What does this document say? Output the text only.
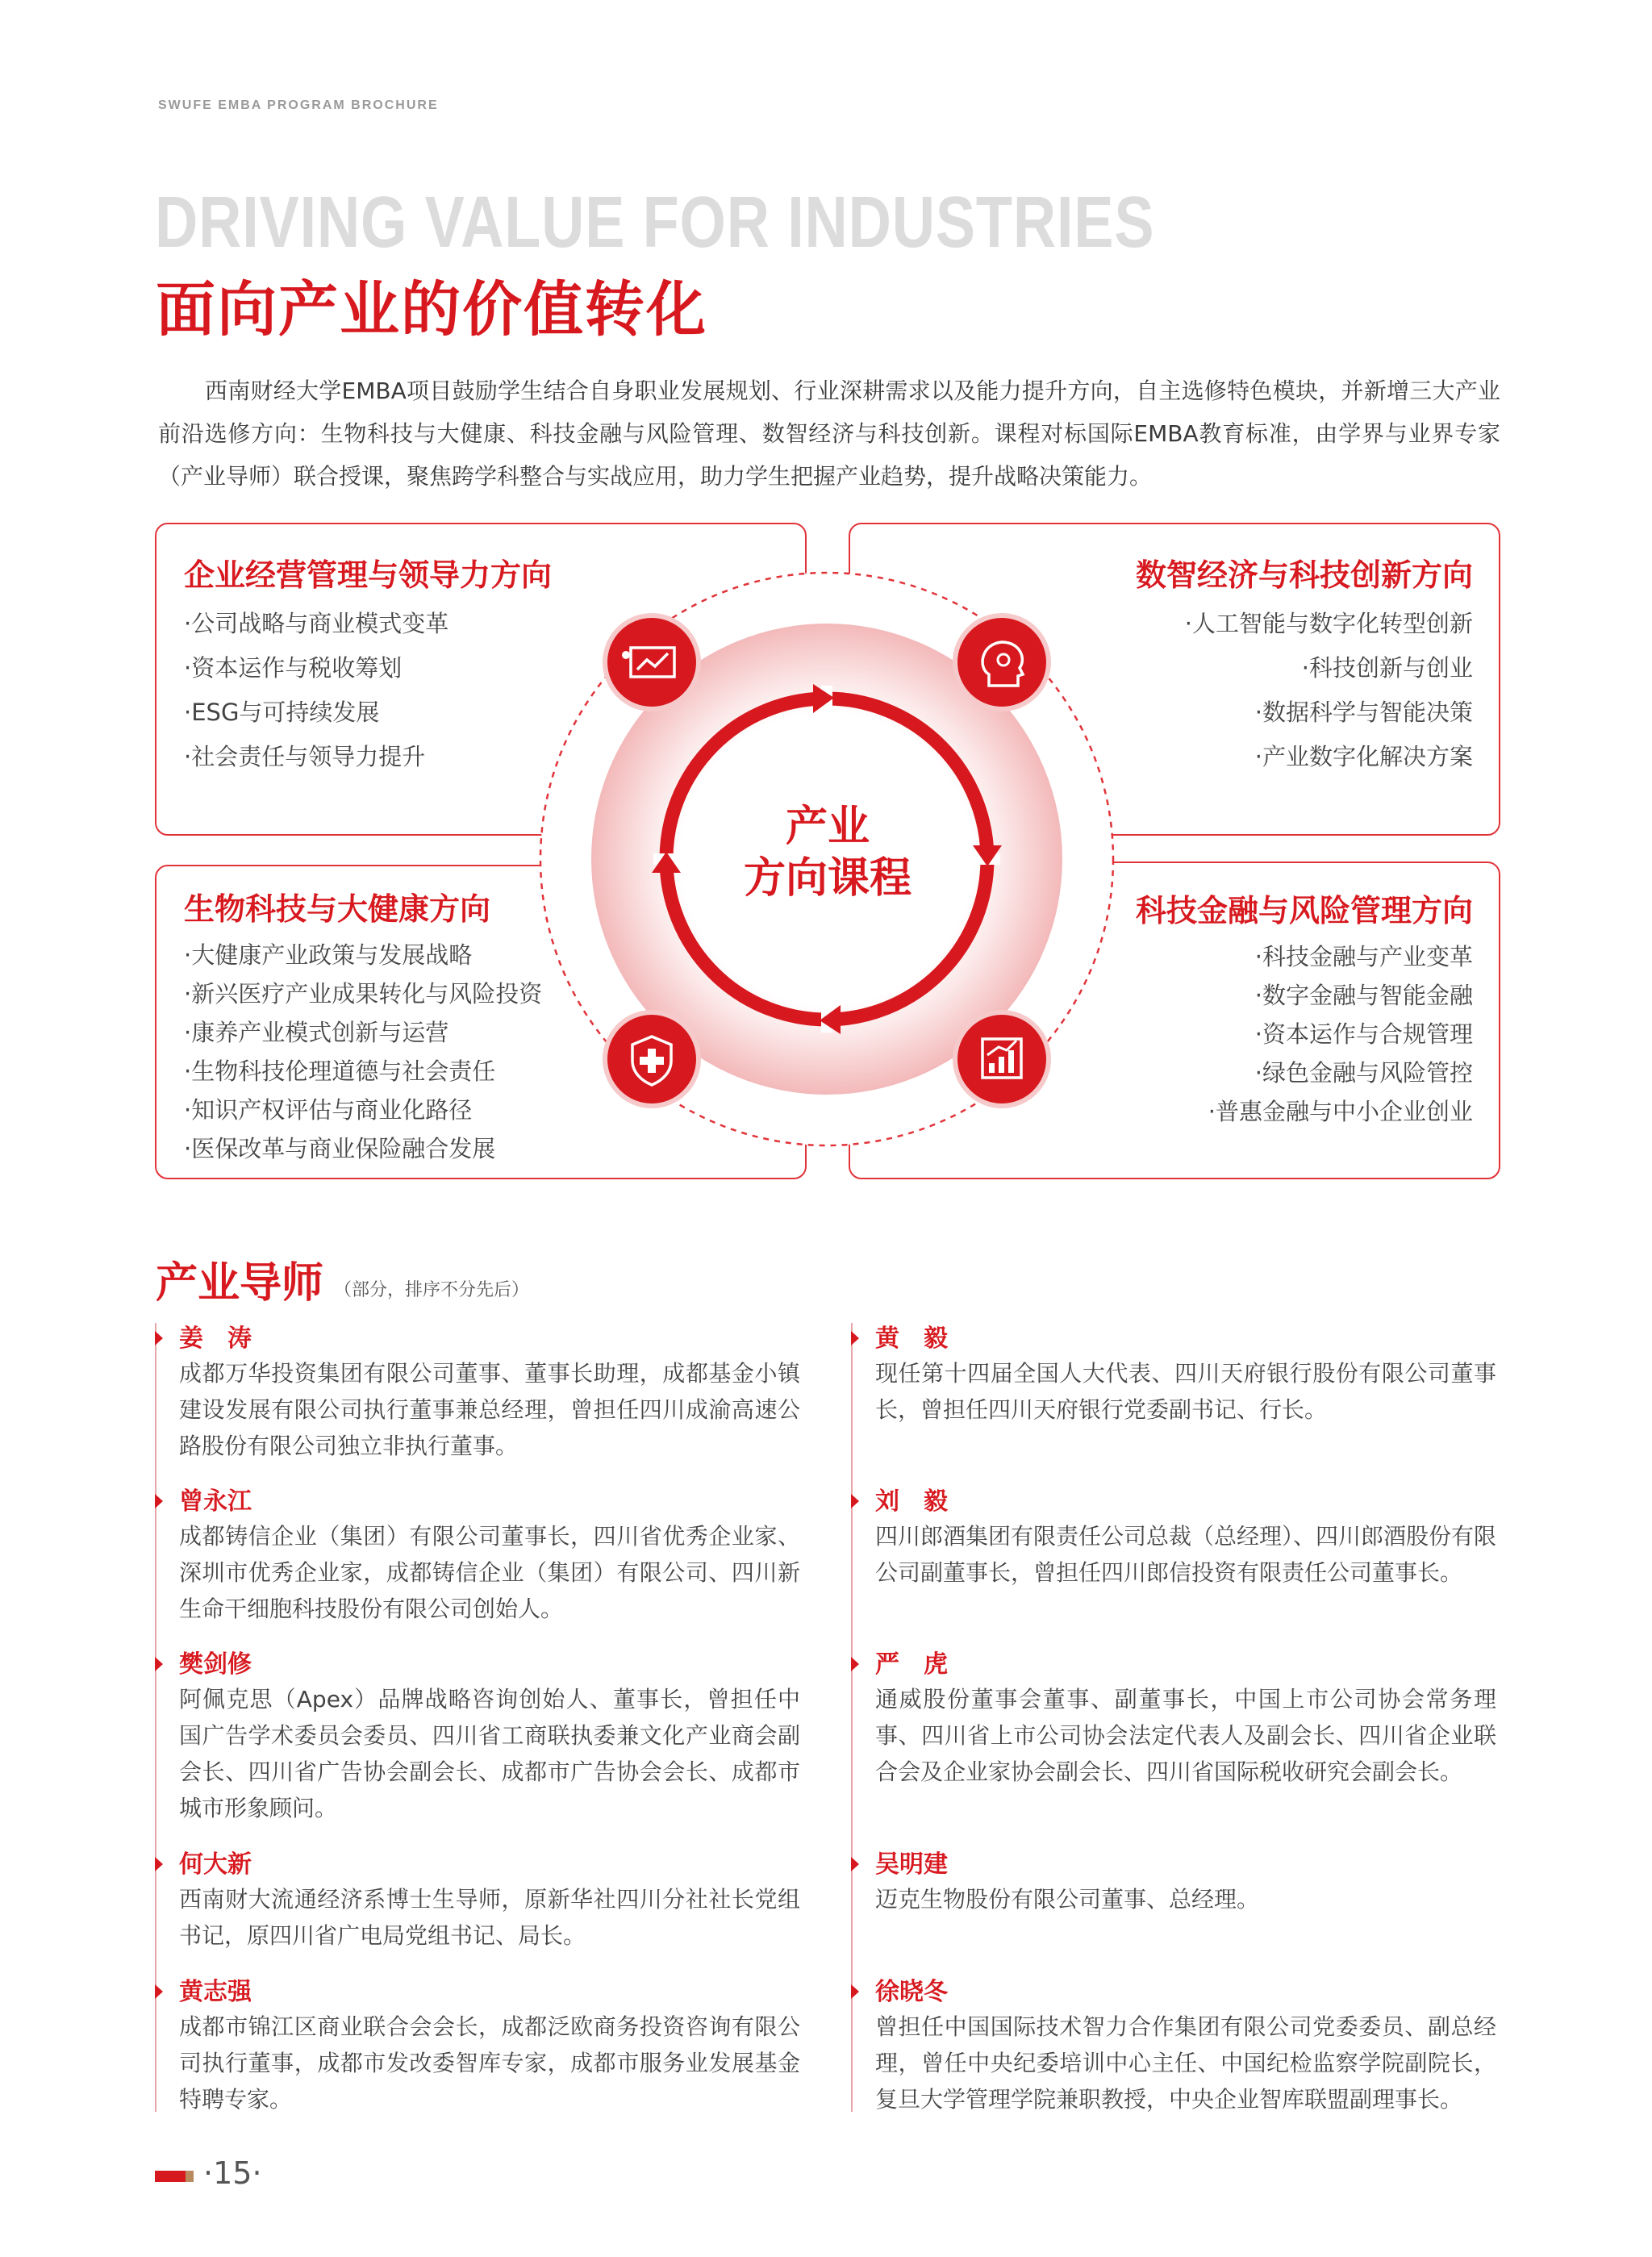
SWUFE EMBA PROGRAM BROCHURE
DRIVING VALUE FOR INDUSTRIES
面向产业的价值转化
西南财经大学EMBA项目鼓励学生结合自身职业发展规划、行业深耕需求以及能力提升方向，自主选修特色模块，并新增三大产业前沿选修方向：生物科技与大健康、科技金融与风险管理、数智经济与科技创新。课程对标国际EMBA教育标准，由学界与业界专家（产业导师）联合授课，聚焦跨学科整合与实战应用，助力学生把握产业趋势，提升战略决策能力。
企业经营管理与领导力方向
·公司战略与商业模式变革
·资本运作与税收筹划
·ESG与可持续发展
·社会责任与领导力提升
数智经济与科技创新方向
·人工智能与数字化转型创新
·科技创新与创业
·数据科学与智能决策
·产业数字化解决方案
生物科技与大健康方向
·大健康产业政策与发展战略
·新兴医疗产业成果转化与风险投资
·康养产业模式创新与运营
·生物科技伦理道德与社会责任
·知识产权评估与商业化路径
·医保改革与商业保险融合发展
科技金融与风险管理方向
·科技金融与产业变革
·数字金融与智能金融
·资本运作与合规管理
·绿色金融与风险管控
·普惠金融与中小企业创业
产业
方向课程
产业导师 （部分，排序不分先后）
姜　涛
成都万华投资集团有限公司董事、董事长助理，成都基金小镇建设发展有限公司执行董事兼总经理，曾担任四川成渝高速公路股份有限公司独立非执行董事。
曾永江
成都铸信企业（集团）有限公司董事长，四川省优秀企业家、深圳市优秀企业家，成都铸信企业（集团）有限公司、四川新生命干细胞科技股份有限公司创始人。
樊剑修
阿佩克思（Apex）品牌战略咨询创始人、董事长，曾担任中国广告学术委员会委员、四川省工商联执委兼文化产业商会副会长、四川省广告协会副会长、成都市广告协会会长、成都市城市形象顾问。
何大新
西南财大流通经济系博士生导师，原新华社四川分社社长党组书记，原四川省广电局党组书记、局长。
黄志强
成都市锦江区商业联合会会长，成都泛欧商务投资咨询有限公司执行董事，成都市发改委智库专家，成都市服务业发展基金特聘专家。
黄　毅
现任第十四届全国人大代表、四川天府银行股份有限公司董事长，曾担任四川天府银行党委副书记、行长。
刘　毅
四川郎酒集团有限责任公司总裁（总经理）、四川郎酒股份有限公司副董事长，曾担任四川郎信投资有限责任公司董事长。
严　虎
通威股份董事会董事、副董事长，中国上市公司协会常务理事、四川省上市公司协会法定代表人及副会长、四川省企业联合会及企业家协会副会长、四川省国际税收研究会副会长。
吴明建
迈克生物股份有限公司董事、总经理。
徐晓冬
曾担任中国国际技术智力合作集团有限公司党委委员、副总经理，曾任中央纪委培训中心主任、中国纪检监察学院副院长，复旦大学管理学院兼职教授，中央企业智库联盟副理事长。
·15·
